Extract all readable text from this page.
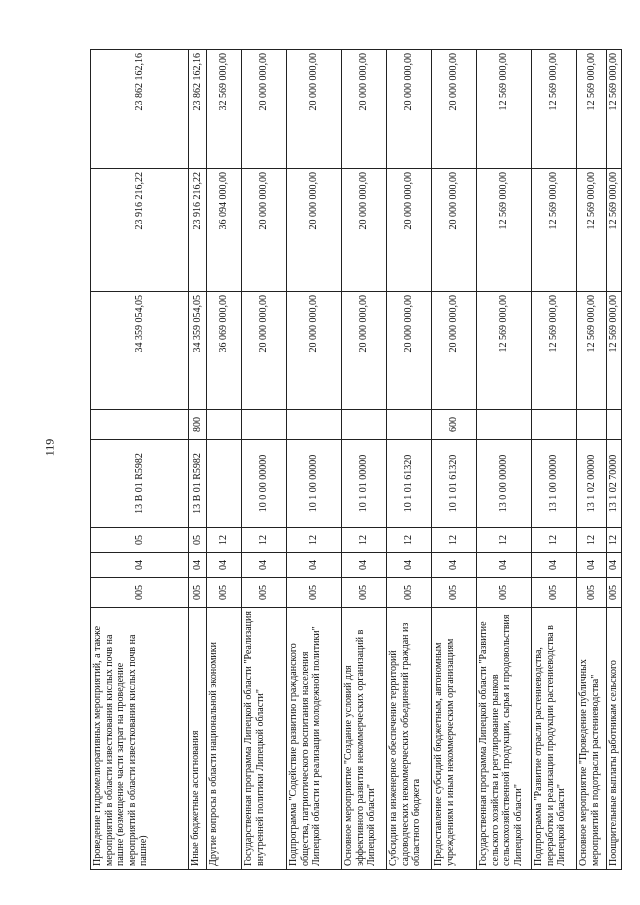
119
Проведение гидромелиоративных мероприятий, а также мероприятий в области известкования кислых почв на пашне (возмещение части затрат на проведение мероприятий в области известкования кислых почв на пашне)	005	04	05	13 В 01 R5982		34 359 054,05	23 916 216,22	23 862 162,16
Иные бюджетные ассигнования	005	04	05	13 В 01 R5982	800	34 359 054,05	23 916 216,22	23 862 162,16
Другие вопросы в области национальной экономики	005	04	12			36 069 000,00	36 094 000,00	32 569 000,00
Государственная программа Липецкой области "Реализация внутренней политики Липецкой области"	005	04	12	10 0 00 00000		20 000 000,00	20 000 000,00	20 000 000,00
Подпрограмма "Содействие развитию гражданского общества, патриотического воспитания населения Липецкой области и реализации молодежной политики"	005	04	12	10 1 00 00000		20 000 000,00	20 000 000,00	20 000 000,00
Основное мероприятие "Создание условий для эффективного развития некоммерческих организаций в Липецкой области"	005	04	12	10 1 01 00000		20 000 000,00	20 000 000,00	20 000 000,00
Субсидии на инженерное обеспечение территорий садоводческих некоммерческих объединений граждан из областного бюджета	005	04	12	10 1 01 61320		20 000 000,00	20 000 000,00	20 000 000,00
Предоставление субсидий бюджетным, автономным учреждениям и иным некоммерческим организациям	005	04	12	10 1 01 61320	600	20 000 000,00	20 000 000,00	20 000 000,00
Государственная программа Липецкой области "Развитие сельского хозяйства и регулирование рынков сельскохозяйственной продукции, сырья и продовольствия Липецкой области"	005	04	12	13 0 00 00000		12 569 000,00	12 569 000,00	12 569 000,00
Подпрограмма "Развитие отрасли растениеводства, переработки и реализации продукции растениеводства в Липецкой области"	005	04	12	13 1 00 00000		12 569 000,00	12 569 000,00	12 569 000,00
Основное мероприятие "Проведение публичных мероприятий в подотрасли растениеводства"	005	04	12	13 1 02 00000		12 569 000,00	12 569 000,00	12 569 000,00
Поощрительные выплаты работникам сельского	005	04	12	13 1 02 70000		12 569 000,00	12 569 000,00	12 569 000,00
